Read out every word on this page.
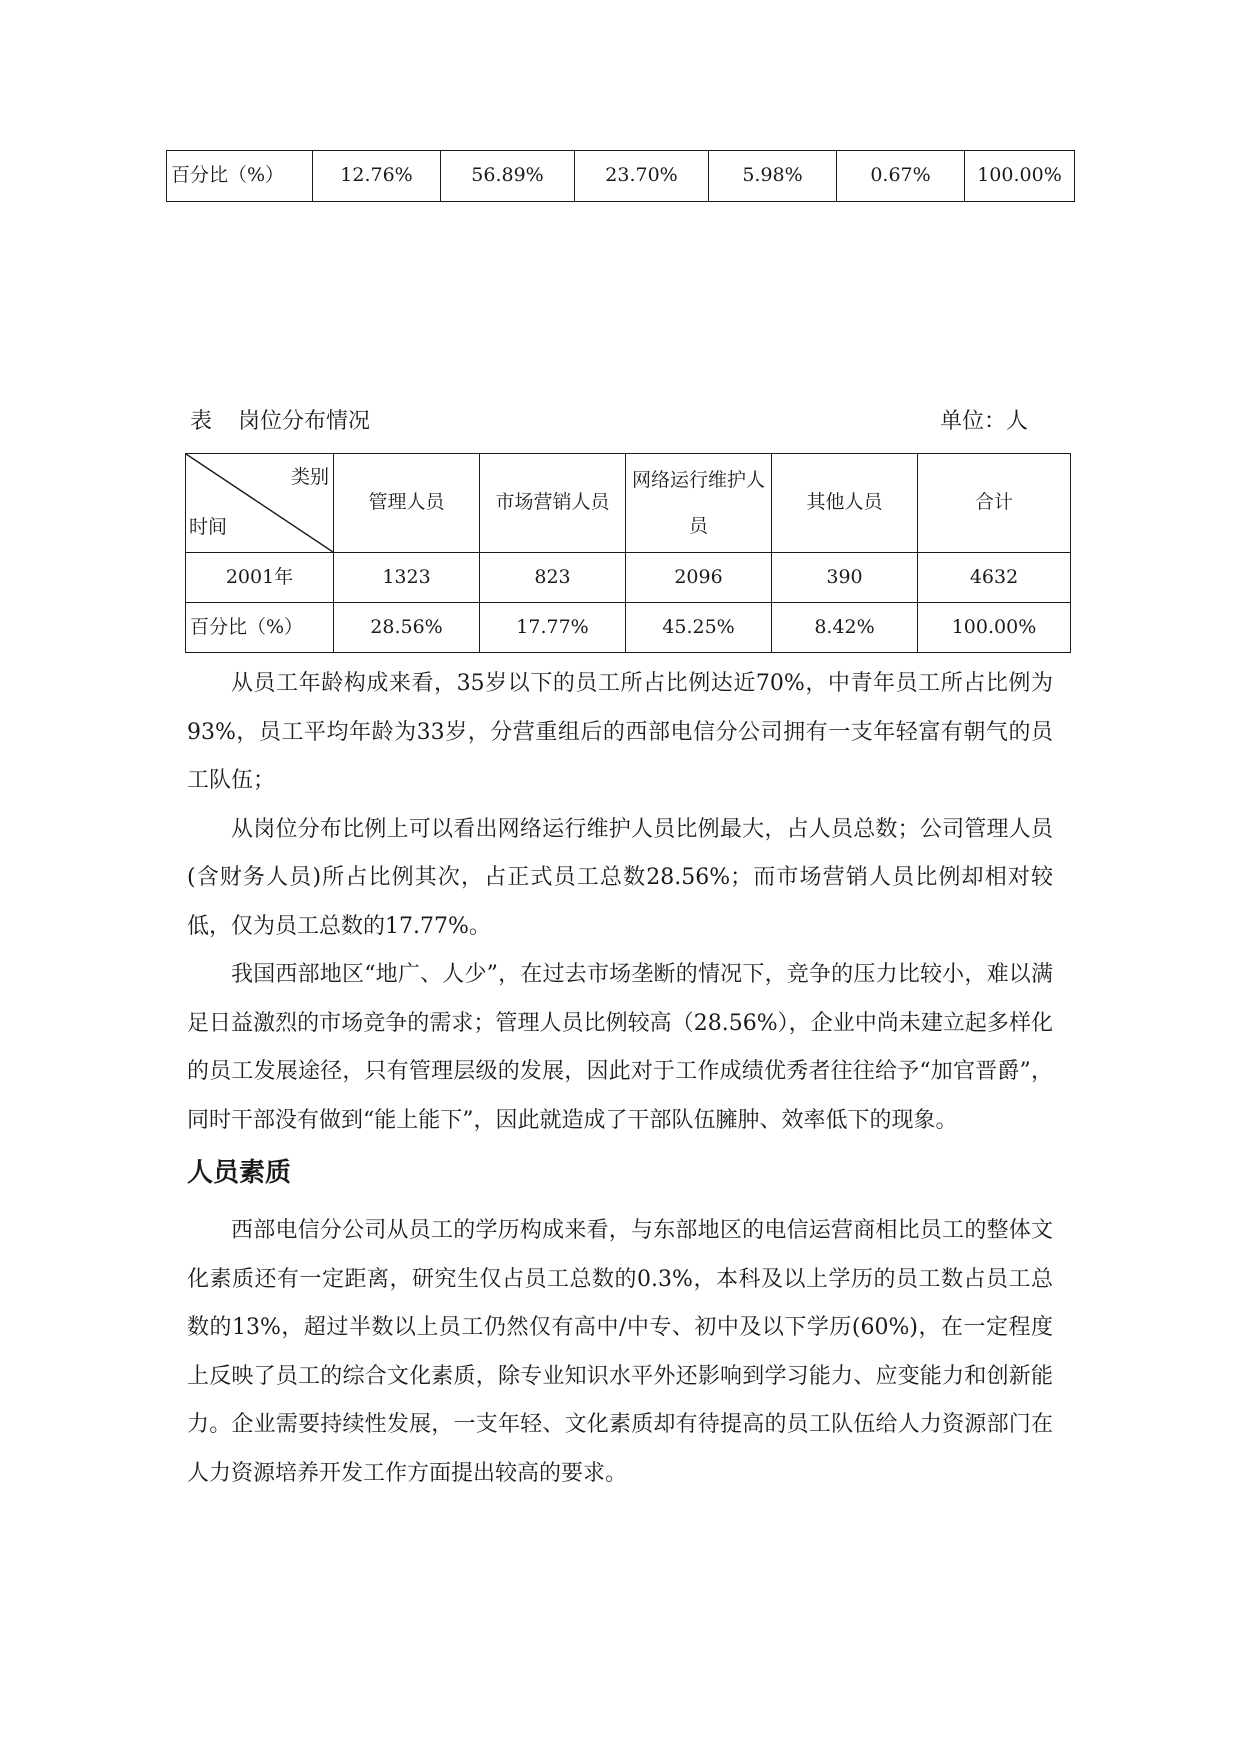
百分比（%）	12.76%	56.89%	23.70%	5.98%	0.67%	100.00%
表 岗位分布情况	单位：人
类别
时间	管理人员	市场营销人员	网络运行维护人员	其他人员	合计
2001年	1323	823	2096	390	4632
百分比（%）	28.56%	17.77%	45.25%	8.42%	100.00%

从员工年龄构成来看，35岁以下的员工所占比例达近70%，中青年员工所占比例为93%，员工平均年龄为33岁，分营重组后的西部电信分公司拥有一支年轻富有朝气的员工队伍；

从岗位分布比例上可以看出网络运行维护人员比例最大，占人员总数；公司管理人员(含财务人员)所占比例其次，占正式员工总数28.56%；而市场营销人员比例却相对较低，仅为员工总数的17.77%。

我国西部地区“地广、人少”，在过去市场垄断的情况下，竞争的压力比较小，难以满足日益激烈的市场竞争的需求；管理人员比例较高（28.56%），企业中尚未建立起多样化的员工发展途径，只有管理层级的发展，因此对于工作成绩优秀者往往给予“加官晋爵”，同时干部没有做到“能上能下”，因此就造成了干部队伍臃肿、效率低下的现象。

人员素质

西部电信分公司从员工的学历构成来看，与东部地区的电信运营商相比员工的整体文化素质还有一定距离，研究生仅占员工总数的0.3%，本科及以上学历的员工数占员工总数的13%，超过半数以上员工仍然仅有高中/中专、初中及以下学历(60%)，在一定程度上反映了员工的综合文化素质，除专业知识水平外还影响到学习能力、应变能力和创新能力。企业需要持续性发展，一支年轻、文化素质却有待提高的员工队伍给人力资源部门在人力资源培养开发工作方面提出较高的要求。
